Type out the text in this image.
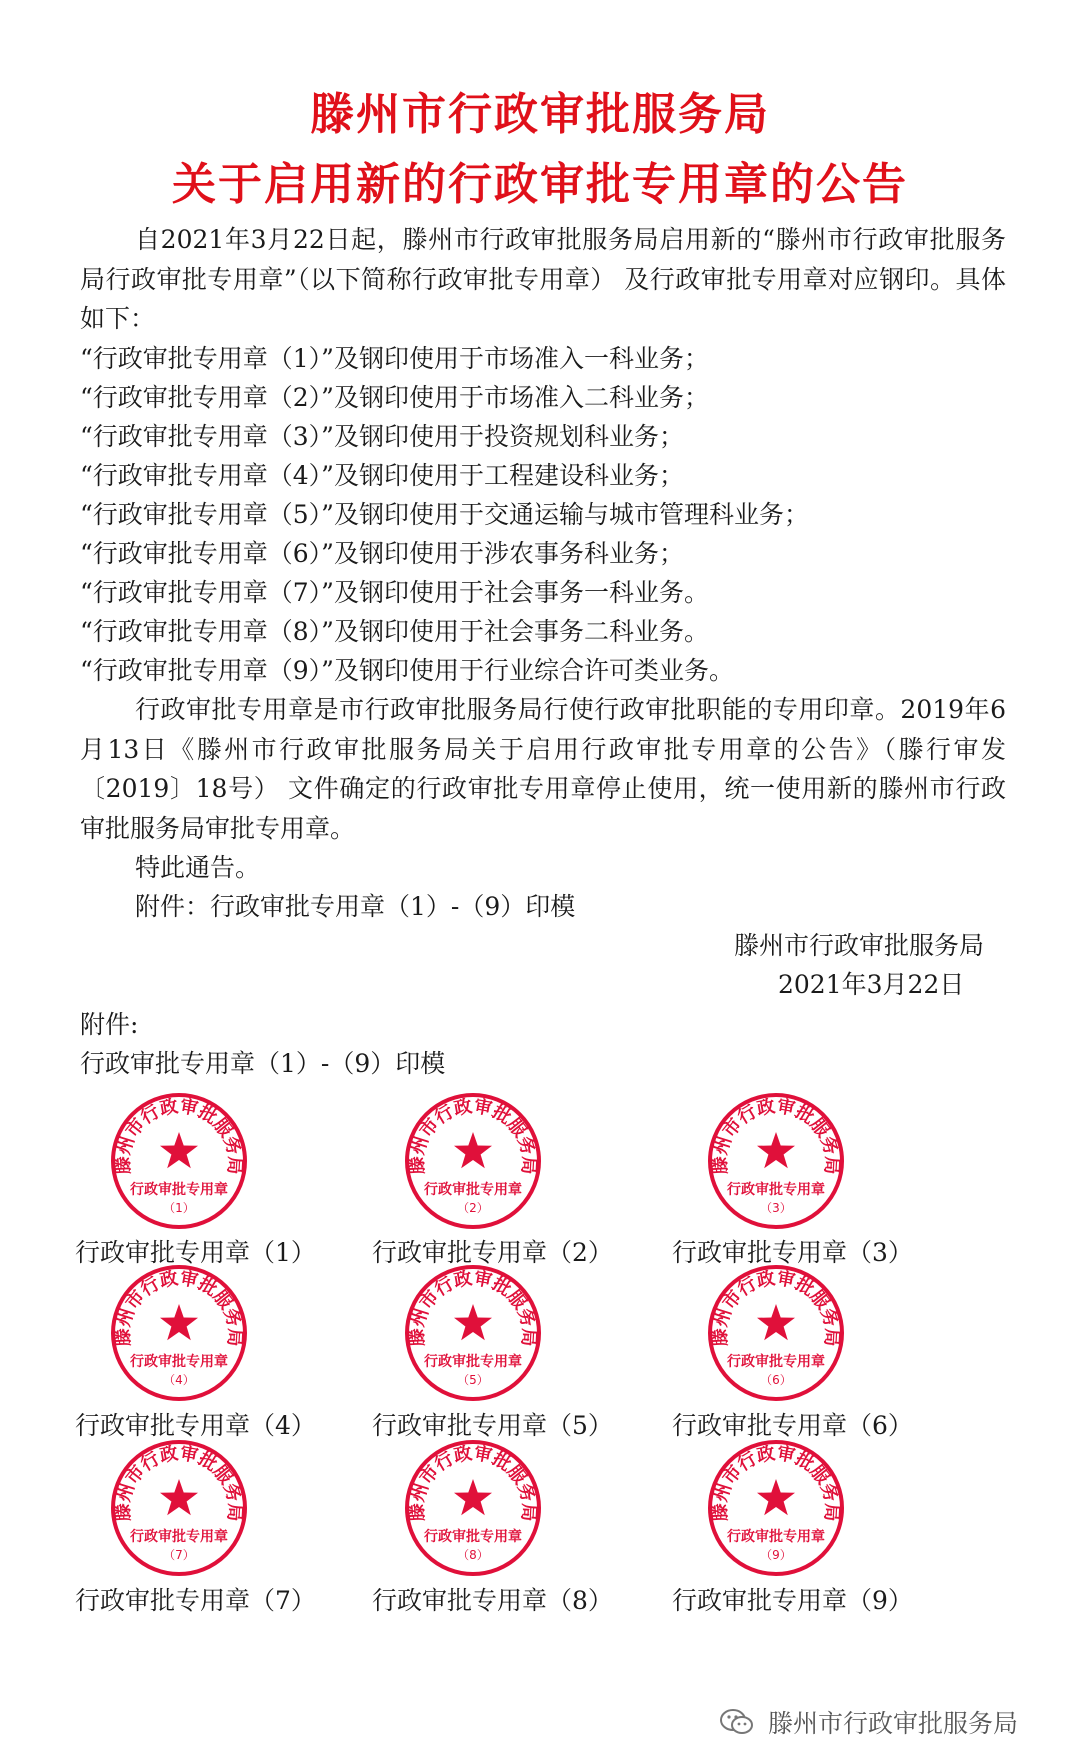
滕州市行政审批服务局
关于启用新的行政审批专用章的公告

自2021年3月22日起，滕州市行政审批服务局启用新的“滕州市行政审批服务局行政审批专用章”（以下简称行政审批专用章） 及行政审批专用章对应钢印。具体如下：

“行政审批专用章（1）”及钢印使用于市场准入一科业务；

“行政审批专用章（2）”及钢印使用于市场准入二科业务；

“行政审批专用章（3）”及钢印使用于投资规划科业务；

“行政审批专用章（4）”及钢印使用于工程建设科业务；

“行政审批专用章（5）”及钢印使用于交通运输与城市管理科业务；

“行政审批专用章（6）”及钢印使用于涉农事务科业务；

“行政审批专用章（7）”及钢印使用于社会事务一科业务。

“行政审批专用章（8）”及钢印使用于社会事务二科业务。

“行政审批专用章（9）”及钢印使用于行业综合许可类业务。

行政审批专用章是市行政审批服务局行使行政审批职能的专用印章。2019年6月13日《滕州市行政审批服务局关于启用行政审批专用章的公告》（滕行审发〔2019〕18号） 文件确定的行政审批专用章停止使用，统一使用新的滕州市行政审批服务局审批专用章。

特此通告。

附件：行政审批专用章（1）-（9）印模

滕州市行政审批服务局

2021年3月22日

附件:

行政审批专用章（1）-（9）印模

滕州市行政审批服务局
行政审批专用章
（1）

行政审批专用章（1）

滕州市行政审批服务局
行政审批专用章
（2）

行政审批专用章（2）

滕州市行政审批服务局
行政审批专用章
（3）

行政审批专用章（3）

滕州市行政审批服务局
行政审批专用章
（4）

行政审批专用章（4）

滕州市行政审批服务局
行政审批专用章
（5）

行政审批专用章（5）

滕州市行政审批服务局
行政审批专用章
（6）

行政审批专用章（6）

滕州市行政审批服务局
行政审批专用章
（7）

行政审批专用章（7）

滕州市行政审批服务局
行政审批专用章
（8）

行政审批专用章（8）

滕州市行政审批服务局
行政审批专用章
（9）

行政审批专用章（9）

滕州市行政审批服务局
